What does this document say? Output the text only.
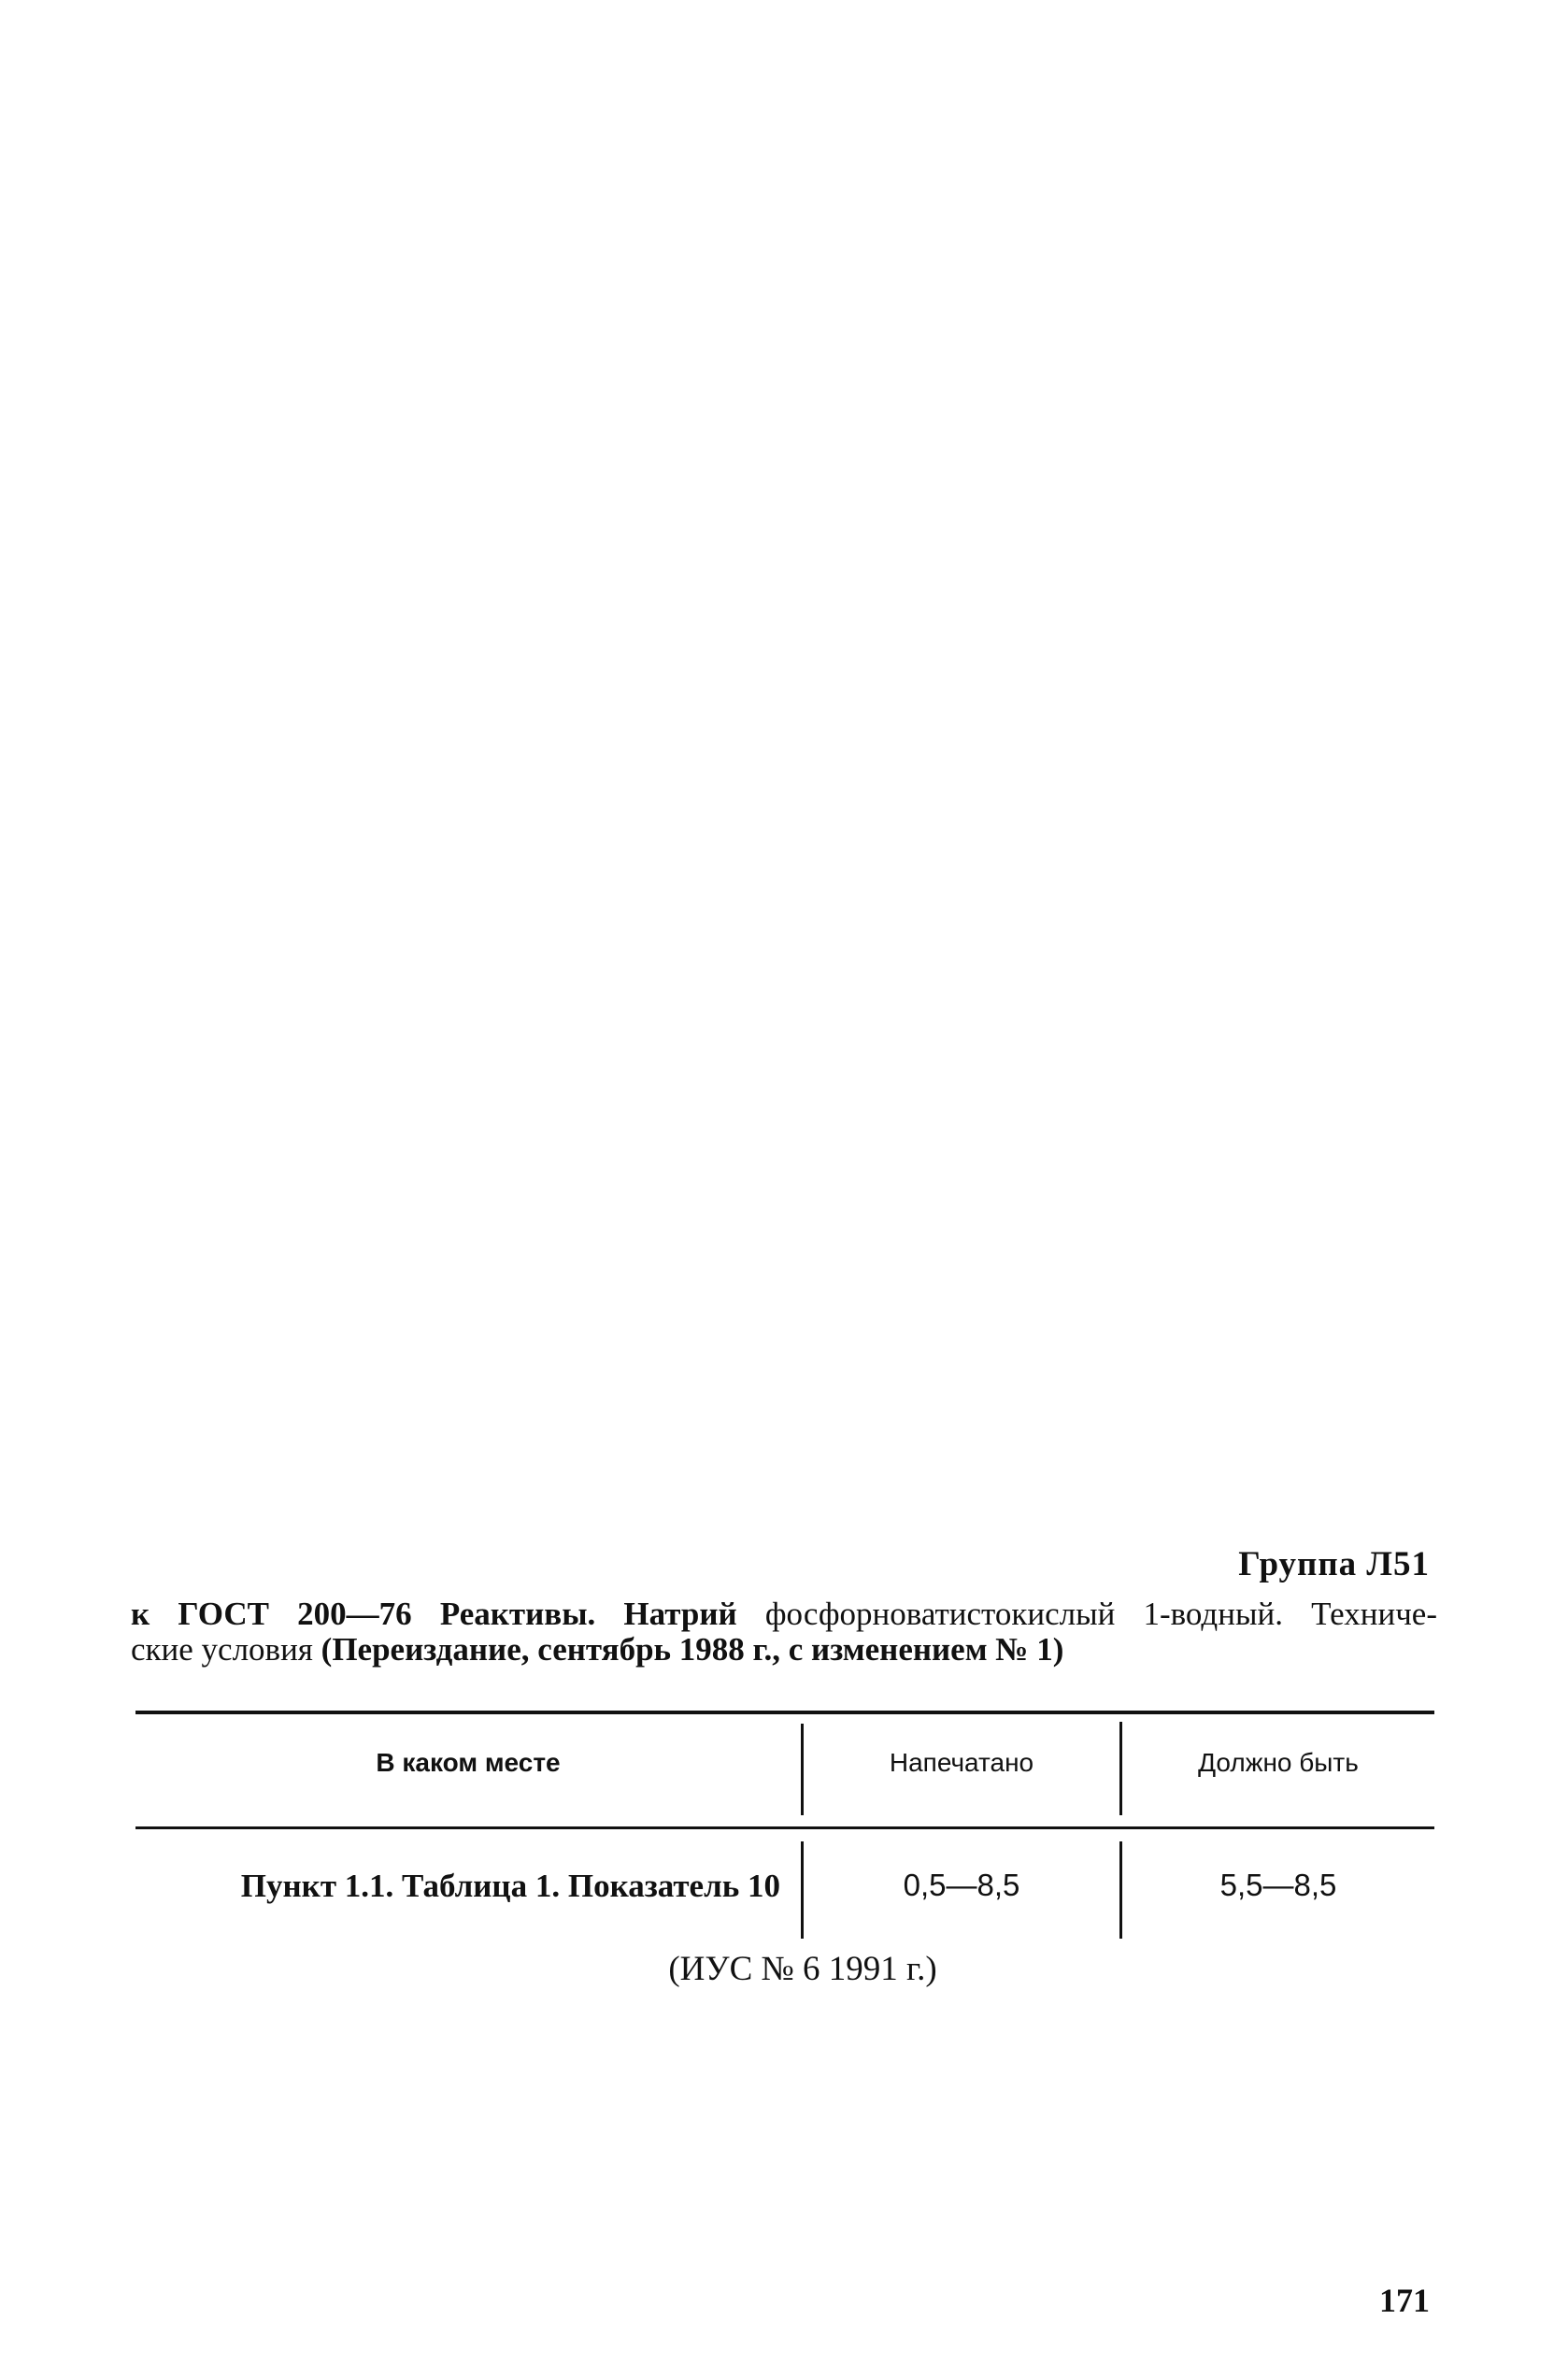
Группа Л51
к ГОСТ 200—76 Реактивы. Натрий фосфорноватистокислый 1-водный. Техниче-
ские условия (Переиздание, сентябрь 1988 г., с изменением № 1)
В каком месте	Напечатано	Должно быть
Пункт 1.1. Таблица 1. Показатель 10	0,5—8,5	5,5—8,5
(ИУС № 6 1991 г.)
171
